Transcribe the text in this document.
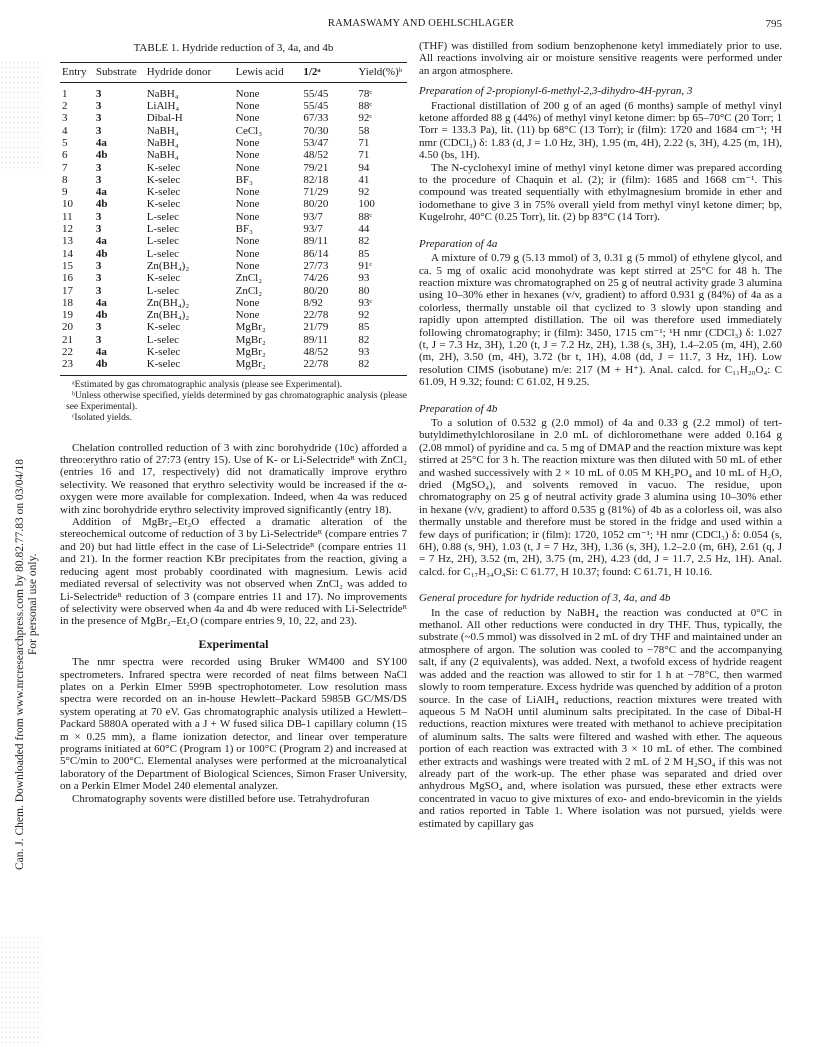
RAMASWAMY AND OEHLSCHLAGER	795
Can. J. Chem. Downloaded from www.nrcresearchpress.com by 80.82.77.83 on 03/04/18 For personal use only.
TABLE 1. Hydride reduction of 3, 4a, and 4b
Entry	Substrate	Hydride donor	Lewis acid	1/2ᵃ	Yield(%)ᵇ
1	3	NaBH₄	None	55/45	78ᶜ
2	3	LiAlH₄	None	55/45	88ᶜ
3	3	Dibal-H	None	67/33	92ᶜ
4	3	NaBH₄	CeCl₃	70/30	58
5	4a	NaBH₄	None	53/47	71
6	4b	NaBH₄	None	48/52	71
7	3	K-selec	None	79/21	94
8	3	K-selec	BF₃	82/18	41
9	4a	K-selec	None	71/29	92
10	4b	K-selec	None	80/20	100
11	3	L-selec	None	93/7	88ᶜ
12	3	L-selec	BF₃	93/7	44
13	4a	L-selec	None	89/11	82
14	4b	L-selec	None	86/14	85
15	3	Zn(BH₄)₂	None	27/73	91ᶜ
16	3	K-selec	ZnCl₂	74/26	93
17	3	L-selec	ZnCl₂	80/20	80
18	4a	Zn(BH₄)₂	None	8/92	93ᶜ
19	4b	Zn(BH₄)₂	None	22/78	92
20	3	K-selec	MgBr₂	21/79	85
21	3	L-selec	MgBr₂	89/11	82
22	4a	K-selec	MgBr₂	48/52	93
23	4b	K-selec	MgBr₂	22/78	82

ᵃEstimated by gas chromatographic analysis (please see Experimental).

ᵇUnless otherwise specified, yields determined by gas chromatographic analysis (please see Experimental).

ᶜIsolated yields.

Chelation controlled reduction of 3 with zinc borohydride (10c) afforded a threo:erythro ratio of 27:73 (entry 15). Use of K- or Li-Selectrideᴿ with ZnCl₂ (entries 16 and 17, respectively) did not dramatically improve erythro selectivity. We reasoned that erythro selectivity would be increased if the α-oxygen were more available for complexation. Indeed, when 4a was reduced with zinc borohydride erythro selectivity improved significantly (entry 18).

Addition of MgBr₂–Et₂O effected a dramatic alteration of the stereochemical outcome of reduction of 3 by Li-Selectrideᴿ (compare entries 7 and 20) but had little effect in the case of Li-Selectrideᴿ (compare entries 11 and 21). In the former reaction KBr precipitates from the reaction, giving a reducing agent most probably coordinated with magnesium. Lewis acid mediated reversal of selectivity was not observed when ZnCl₂ was added to Li-Selectrideᴿ reduction of 3 (compare entries 11 and 17). No improvements of selectivity were observed when 4a and 4b were reduced with Li-Selectrideᴿ in the presence of MgBr₂–Et₂O (compare entries 9, 10, 22, and 23).

Experimental

The nmr spectra were recorded using Bruker WM400 and SY100 spectrometers. Infrared spectra were recorded of neat films between NaCl plates on a Perkin Elmer 599B spectrophotometer. Low resolution mass spectra were recorded on an in-house Hewlett–Packard 5985B GC/MS/DS system operating at 70 eV. Gas chromatographic analysis utilized a Hewlett–Packard 5880A operated with a J + W fused silica DB-1 capillary column (15 m × 0.25 mm), a flame ionization detector, and linear over temperature programs initiated at 60°C (Program 1) or 100°C (Program 2) and increased at 5°C/min to 200°C. Elemental analyses were performed at the microanalytical laboratory of the Department of Biological Sciences, Simon Fraser University, on a Perkin Elmer Model 240 elemental analyzer.

Chromatography sovents were distilled before use. Tetrahydrofuran

(THF) was distilled from sodium benzophenone ketyl immediately prior to use. All reactions involving air or moisture sensitive reagents were performed under an argon atmosphere.

Preparation of 2-propionyl-6-methyl-2,3-dihydro-4H-pyran, 3

Fractional distillation of 200 g of an aged (6 months) sample of methyl vinyl ketone afforded 88 g (44%) of methyl vinyl ketone dimer: bp 65–70°C (20 Torr; 1 Torr = 133.3 Pa), lit. (11) bp 68°C (13 Torr); ir (film): 1720 and 1684 cm⁻¹; ¹H nmr (CDCl₃) δ: 1.83 (d, J = 1.0 Hz, 3H), 1.95 (m, 4H), 2.22 (s, 3H), 4.25 (m, 1H), 4.50 (bs, 1H).

The N-cyclohexyl imine of methyl vinyl ketone dimer was prepared according to the procedure of Chaquin et al. (2); ir (film): 1685 and 1668 cm⁻¹. This compound was treated sequentially with ethylmagnesium bromide in ether and iodomethane to give 3 in 75% overall yield from methyl vinyl ketone dimer; bp, Kugelrohr, 40°C (0.25 Torr), lit. (2) bp 83°C (14 Torr).

Preparation of 4a

A mixture of 0.79 g (5.13 mmol) of 3, 0.31 g (5 mmol) of ethylene glycol, and ca. 5 mg of oxalic acid monohydrate was kept stirred at 25°C for 48 h. The reaction mixture was chromatographed on 25 g of neutral activity grade 3 alumina using 10–30% ether in hexanes (v/v, gradient) to afford 0.931 g (84%) of 4a as a colorless, thermally unstable oil that cyclized to 3 slowly upon standing and rapidly upon attempted distillation. The oil was therefore used immediately following chromatography; ir (film): 3450, 1715 cm⁻¹; ¹H nmr (CDCl₃) δ: 1.027 (t, J = 7.3 Hz, 3H), 1.20 (t, J = 7.2 Hz, 2H), 1.38 (s, 3H), 1.4–2.05 (m, 4H), 2.60 (m, 2H), 3.50 (m, 4H), 3.72 (br t, 1H), 4.08 (dd, J = 11.7, 3 Hz, 1H). Low resolution CIMS (isobutane) m/e: 217 (M + H⁺). Anal. calcd. for C₁₁H₂₀O₄: C 61.09, H 9.32; found: C 61.02, H 9.25.

Preparation of 4b

To a solution of 0.532 g (2.0 mmol) of 4a and 0.33 g (2.2 mmol) of tert-butyldimethylchlorosilane in 2.0 mL of dichloromethane were added 0.164 g (2.08 mmol) of pyridine and ca. 5 mg of DMAP and the reaction mixture was kept stirred at 25°C for 3 h. The reaction mixture was then diluted with 50 mL of ether and washed successively with 2 × 10 mL of 0.05 M KH₂PO₄ and 10 mL of H₂O, dried (MgSO₄), and solvents removed in vacuo. The residue, upon chromatography on 25 g of neutral activity grade 3 alumina using 10–30% ether in hexane (v/v, gradient) to afford 0.535 g (81%) of 4b as a colorless oil, was also thermally unstable and therefore must be stored in the fridge and used within a few days of purification; ir (film): 1720, 1052 cm⁻¹; ¹H nmr (CDCl₃) δ: 0.054 (s, 6H), 0.88 (s, 9H), 1.03 (t, J = 7 Hz, 3H), 1.36 (s, 3H), 1.2–2.0 (m, 6H), 2.61 (q, J = 7 Hz, 2H), 3.52 (m, 2H), 3.75 (m, 2H), 4.23 (dd, J = 11.7, 2.5 Hz, 1H). Anal. calcd. for C₁₇H₃₄O₄Si: C 61.77, H 10.37; found: C 61.71, H 10.16.

General procedure for hydride reduction of 3, 4a, and 4b

In the case of reduction by NaBH₄ the reaction was conducted at 0°C in methanol. All other reductions were conducted in dry THF. Thus, typically, the substrate (~0.5 mmol) was dissolved in 2 mL of dry THF and maintained under an atmosphere of argon. The solution was cooled to −78°C and the accompanying salt, if any (2 equivalents), was added. Next, a twofold excess of hydride reagent was added and the reaction was allowed to stir for 1 h at −78°C, then warmed slowly to room temperature. Excess hydride was quenched by addition of a proton source. In the case of LiAlH₄ reductions, reaction mixtures were treated with aqueous 5 M NaOH until aluminum salts precipitated. In the case of Dibal-H reductions, reaction mixtures were treated with methanol to achieve precipitation of aluminum salts. The salts were filtered and washed with ether. The aqueous portion of each reaction was extracted with 3 × 10 mL of ether. The combined ether extracts and washings were treated with 2 mL of 2 M H₂SO₄ if this was not already part of the work-up. The ether phase was separated and dried over anhydrous MgSO₄ and, where isolation was pursued, these ether extracts were concentrated in vacuo to give mixtures of exo- and endo-brevicomin in the yields and ratios reported in Table 1. Where isolation was not pursued, yields were estimated by capillary gas
